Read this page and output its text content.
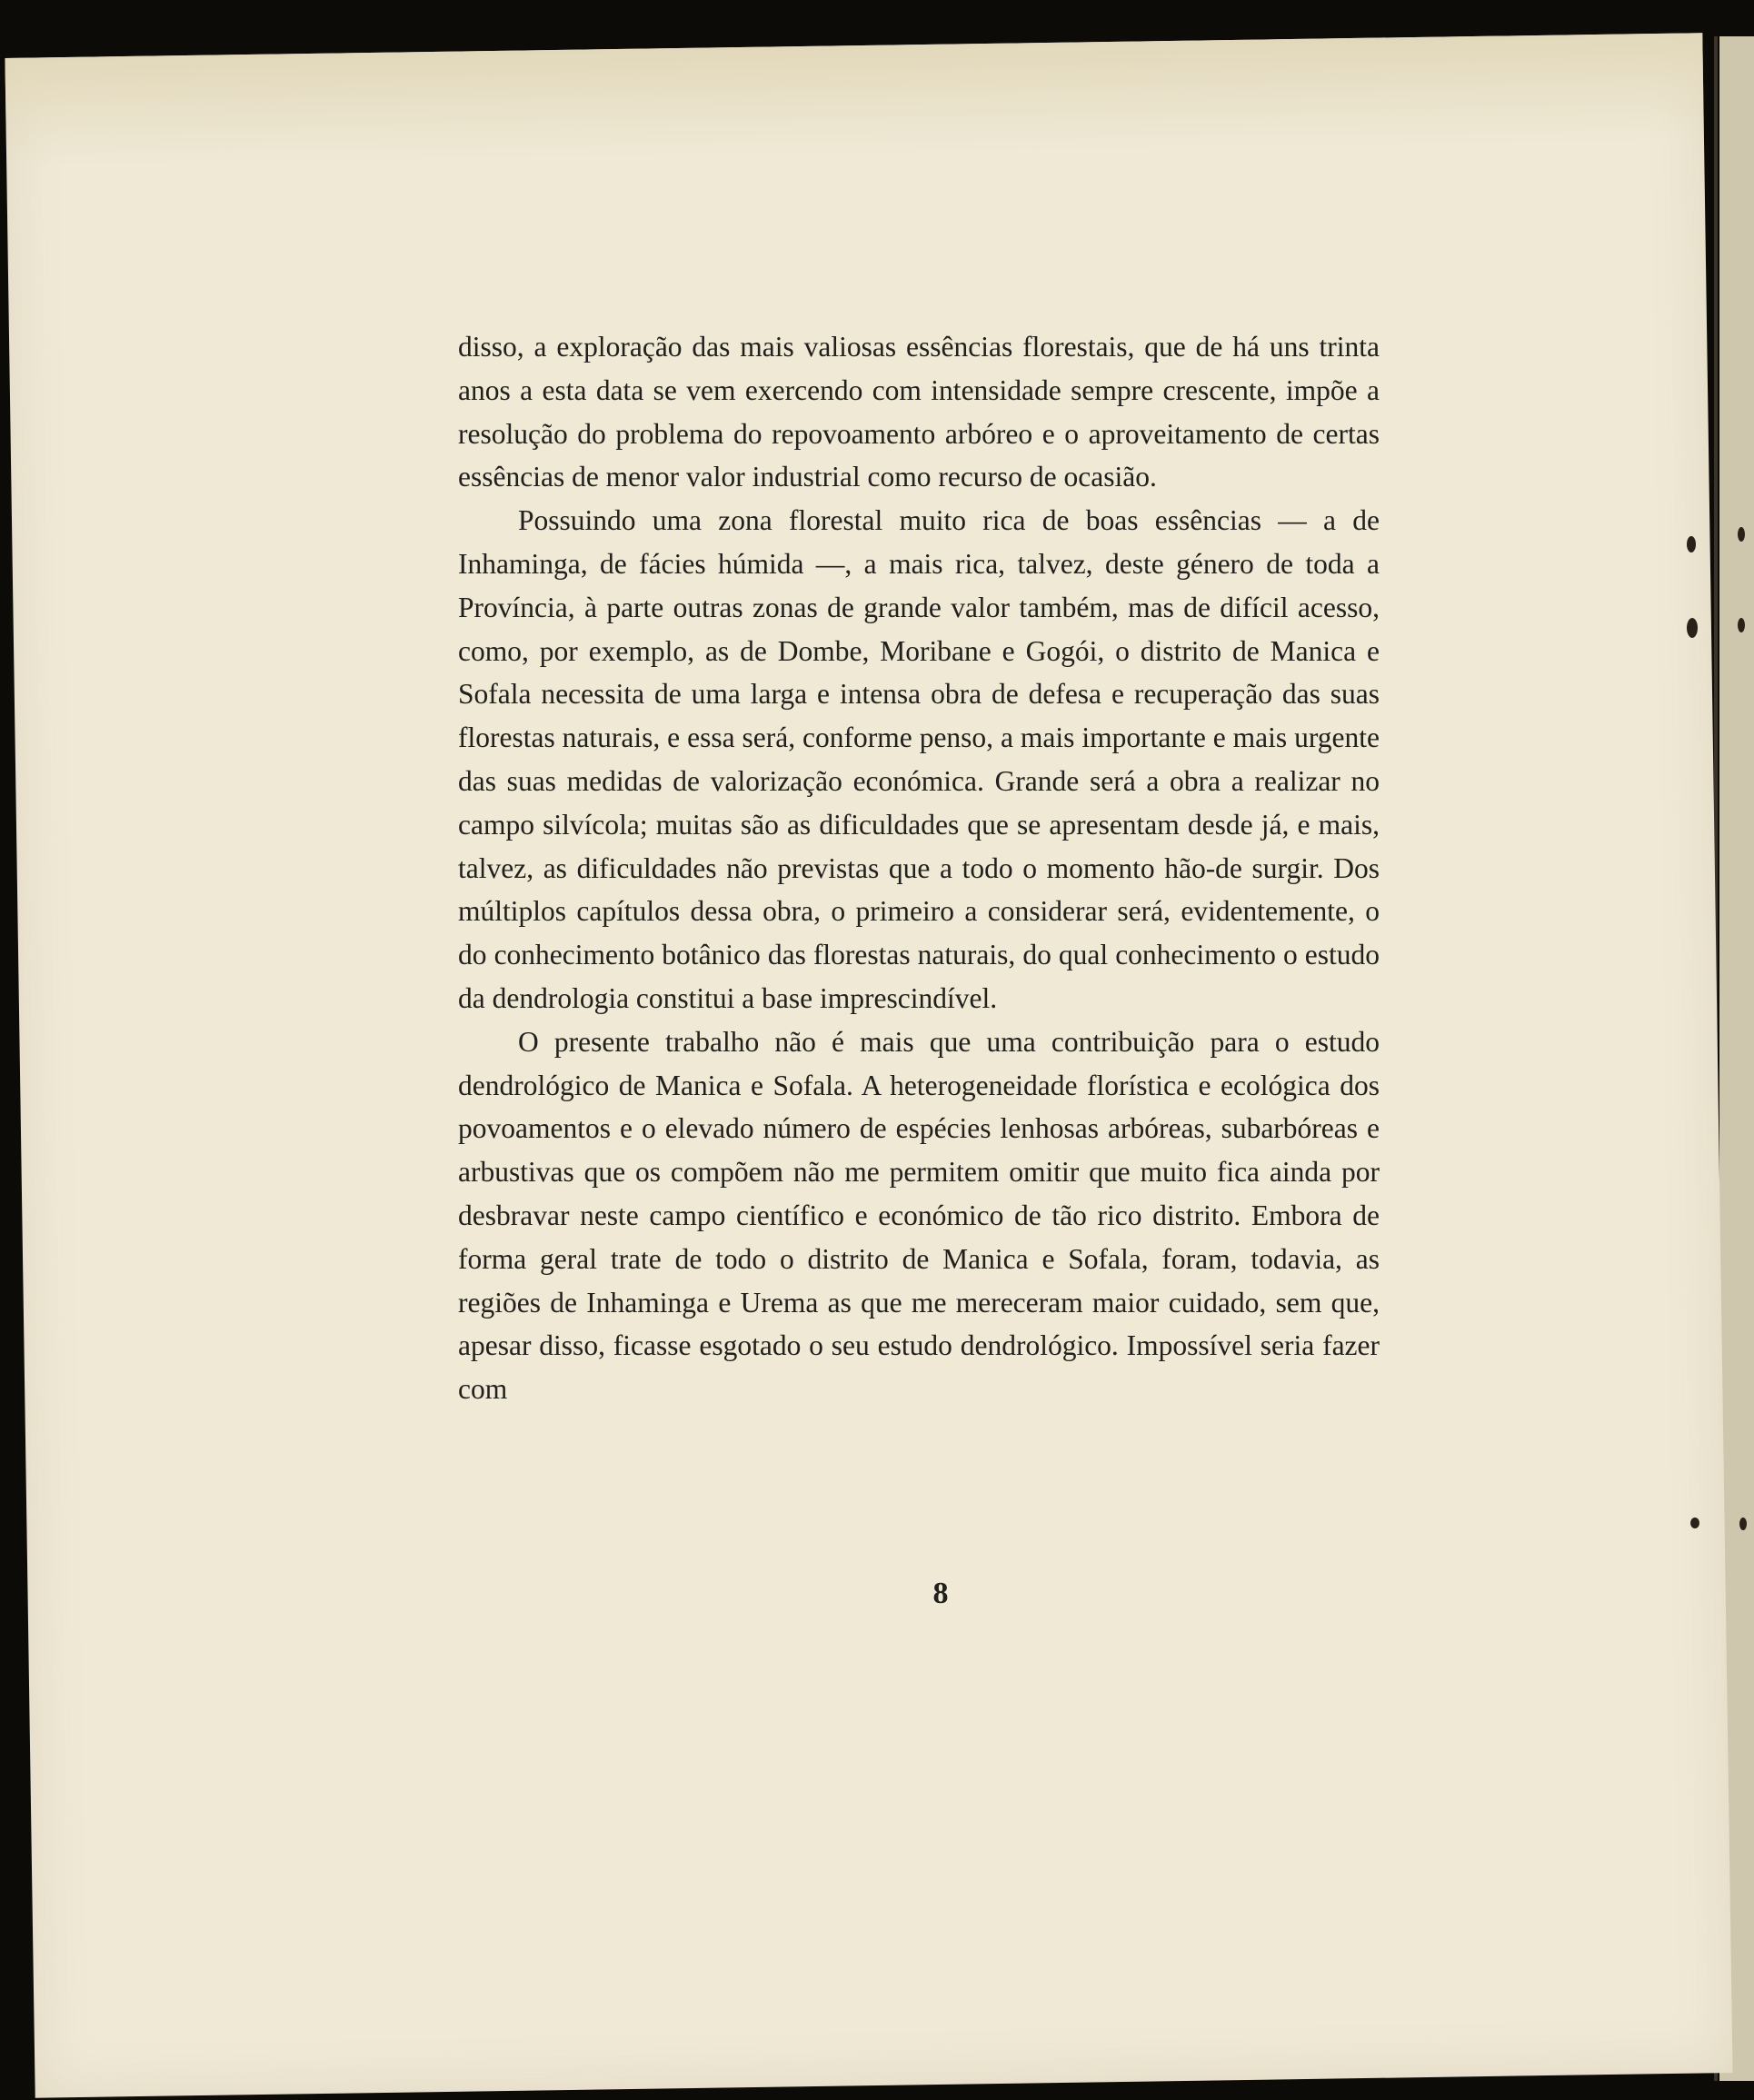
disso, a exploração das mais valiosas essências florestais, que de há uns trinta anos a esta data se vem exercendo com intensidade sempre crescente, impõe a resolução do problema do repovoamento arbóreo e o aproveitamento de certas essências de menor valor industrial como recurso de ocasião.

Possuindo uma zona florestal muito rica de boas essências — a de Inhaminga, de fácies húmida —, a mais rica, talvez, deste género de toda a Província, à parte outras zonas de grande valor também, mas de difícil acesso, como, por exemplo, as de Dombe, Moribane e Gogói, o distrito de Manica e Sofala necessita de uma larga e intensa obra de defesa e recuperação das suas florestas naturais, e essa será, conforme penso, a mais importante e mais urgente das suas medidas de valorização económica. Grande será a obra a realizar no campo silvícola; muitas são as dificuldades que se apresentam desde já, e mais, talvez, as dificuldades não previstas que a todo o momento hão-de surgir. Dos múltiplos capítulos dessa obra, o primeiro a considerar será, evidentemente, o do conhecimento botânico das florestas naturais, do qual conhecimento o estudo da dendrologia constitui a base imprescindível.

O presente trabalho não é mais que uma contribuição para o estudo dendrológico de Manica e Sofala. A heterogeneidade florística e ecológica dos povoamentos e o elevado número de espécies lenhosas arbóreas, subarbóreas e arbustivas que os compõem não me permitem omitir que muito fica ainda por desbravar neste campo científico e económico de tão rico distrito. Embora de forma geral trate de todo o distrito de Manica e Sofala, foram, todavia, as regiões de Inhaminga e Urema as que me mereceram maior cuidado, sem que, apesar disso, ficasse esgotado o seu estudo dendrológico. Impossível seria fazer com

8
